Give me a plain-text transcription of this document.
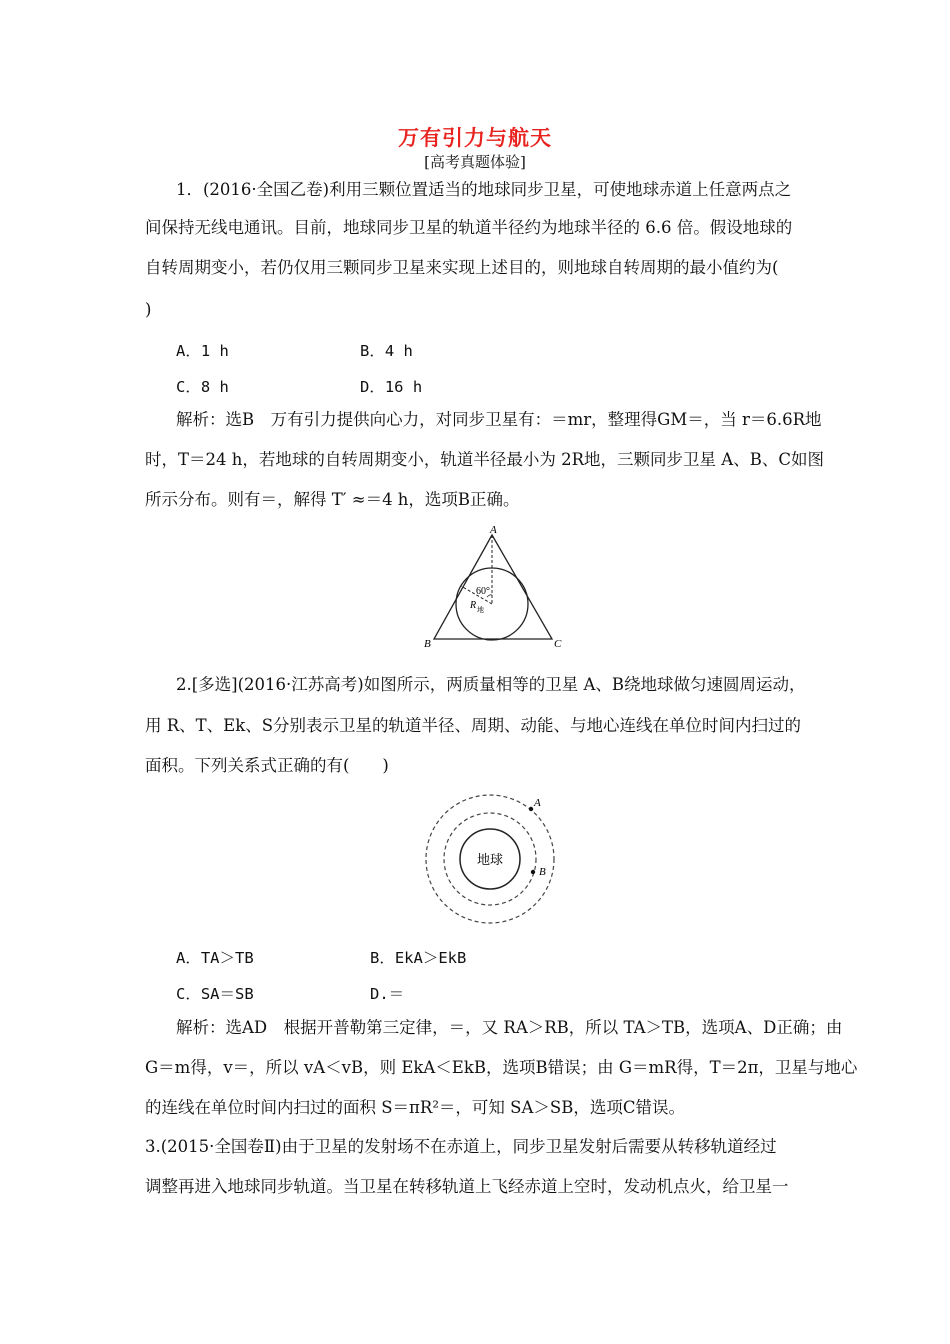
万有引力与航天
[高考真题体验]
1．(2016·全国乙卷)利用三颗位置适当的地球同步卫星，可使地球赤道上任意两点之
间保持无线电通讯。目前，地球同步卫星的轨道半径约为地球半径的 6.6 倍。假设地球的
自转周期变小，若仍仅用三颗同步卫星来实现上述目的，则地球自转周期的最小值约为(
)
A．1 h	B．4 h
C．8 h	D．16 h
解析：选B　万有引力提供向心力，对同步卫星有：＝mr，整理得GM＝，当 r＝6.6R地
时，T＝24 h，若地球的自转周期变小，轨道半径最小为 2R地，三颗同步卫星 A、B、C如图
所示分布。则有＝，解得 T′ ≈＝4 h，选项B正确。
A
B	C
60°
R 地
2.[多选](2016·江苏高考)如图所示，两质量相等的卫星 A、B绕地球做匀速圆周运动，
用 R、T、Ek、S分别表示卫星的轨道半径、周期、动能、与地心连线在单位时间内扫过的
面积。下列关系式正确的有(　　)
地球
A
B
A．TA＞TB	B．EkA＞EkB
C．SA＝SB	D.＝
解析：选AD　根据开普勒第三定律，＝，又 RA＞RB，所以 TA＞TB，选项A、D正确；由
G＝m得，v＝，所以 vA＜vB，则 EkA＜EkB，选项B错误；由 G＝mR得，T＝2π，卫星与地心
的连线在单位时间内扫过的面积 S＝πR²＝，可知 SA＞SB，选项C错误。
3.(2015·全国卷Ⅱ)由于卫星的发射场不在赤道上，同步卫星发射后需要从转移轨道经过
调整再进入地球同步轨道。当卫星在转移轨道上飞经赤道上空时，发动机点火，给卫星一
